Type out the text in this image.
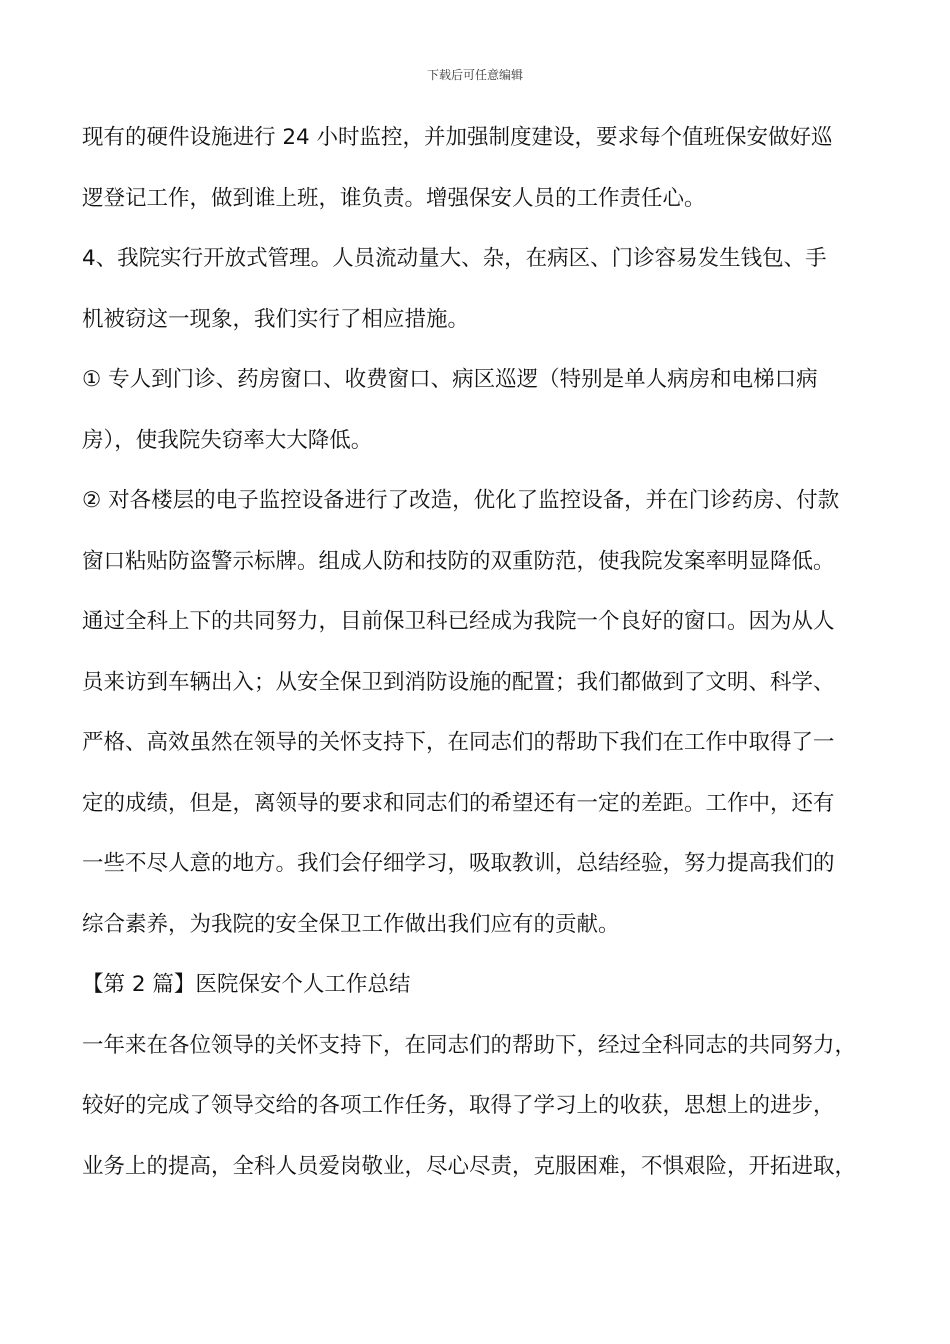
下载后可任意编辑
现有的硬件设施进行 24 小时监控，并加强制度建设，要求每个值班保安做好巡
逻登记工作，做到谁上班，谁负责。增强保安人员的工作责任心。
4、我院实行开放式管理。人员流动量大、杂，在病区、门诊容易发生钱包、手
机被窃这一现象，我们实行了相应措施。
① 专人到门诊、药房窗口、收费窗口、病区巡逻（特别是单人病房和电梯口病
房），使我院失窃率大大降低。
② 对各楼层的电子监控设备进行了改造，优化了监控设备，并在门诊药房、付款
窗口粘贴防盗警示标牌。组成人防和技防的双重防范，使我院发案率明显降低。
通过全科上下的共同努力，目前保卫科已经成为我院一个良好的窗口。因为从人
员来访到车辆出入；从安全保卫到消防设施的配置；我们都做到了文明、科学、
严格、高效虽然在领导的关怀支持下，在同志们的帮助下我们在工作中取得了一
定的成绩，但是，离领导的要求和同志们的希望还有一定的差距。工作中，还有
一些不尽人意的地方。我们会仔细学习，吸取教训，总结经验，努力提高我们的
综合素养，为我院的安全保卫工作做出我们应有的贡献。
【第 2 篇】医院保安个人工作总结
一年来在各位领导的关怀支持下，在同志们的帮助下，经过全科同志的共同努力，
较好的完成了领导交给的各项工作任务，取得了学习上的收获，思想上的进步，
业务上的提高，全科人员爱岗敬业，尽心尽责，克服困难，不惧艰险，开拓进取，
